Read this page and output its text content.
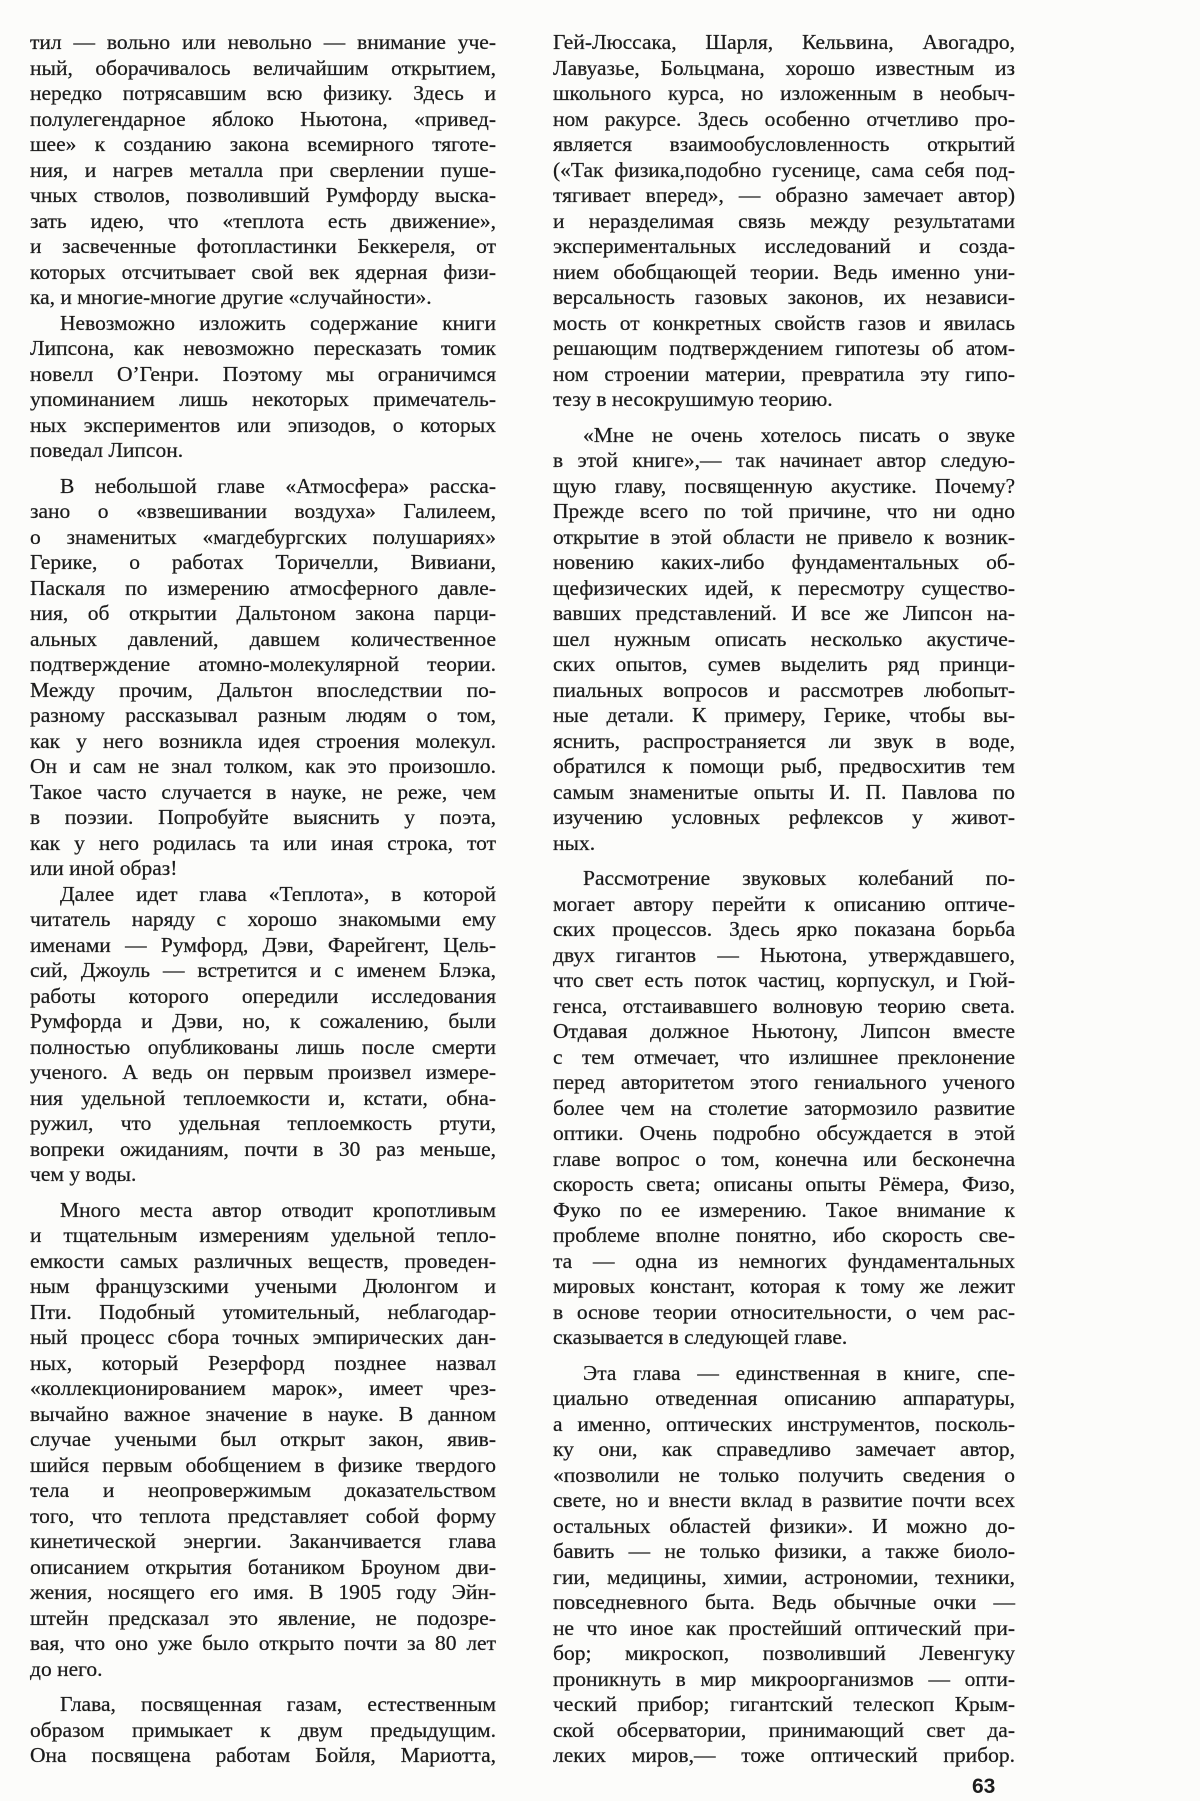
тил — вольно или невольно — внимание уче-
ный, оборачивалось величайшим открытием,
нередко потрясавшим всю физику. Здесь и
полулегендарное яблоко Ньютона, «привед-
шее» к созданию закона всемирного тяготе-
ния, и нагрев металла при сверлении пуше-
чных стволов, позволивший Румфорду выска-
зать идею, что «теплота есть движение»,
и засвеченные фотопластинки Беккереля, от
которых отсчитывает свой век ядерная физи-
ка, и многие-многие другие «случайности».

Невозможно изложить содержание книги
Липсона, как невозможно пересказать томик
новелл О’Генри. Поэтому мы ограничимся
упоминанием лишь некоторых примечатель-
ных экспериментов или эпизодов, о которых
поведал Липсон.

В небольшой главе «Атмосфера» расска-
зано о «взвешивании воздуха» Галилеем,
о знаменитых «магдебургских полушариях»
Герике, о работах Торичелли, Вивиани,
Паскаля по измерению атмосферного давле-
ния, об открытии Дальтоном закона парци-
альных давлений, давшем количественное
подтверждение атомно-молекулярной теории.
Между прочим, Дальтон впоследствии по-
разному рассказывал разным людям о том,
как у него возникла идея строения молекул.
Он и сам не знал толком, как это произошло.
Такое часто случается в науке, не реже, чем
в поэзии. Попробуйте выяснить у поэта,
как у него родилась та или иная строка, тот
или иной образ!

Далее идет глава «Теплота», в которой
читатель наряду с хорошо знакомыми ему
именами — Румфорд, Дэви, Фарейгент, Цель-
сий, Джоуль — встретится и с именем Блэка,
работы которого опередили исследования
Румфорда и Дэви, но, к сожалению, были
полностью опубликованы лишь после смерти
ученого. А ведь он первым произвел измере-
ния удельной теплоемкости и, кстати, обна-
ружил, что удельная теплоемкость ртути,
вопреки ожиданиям, почти в 30 раз меньше,
чем у воды.

Много места автор отводит кропотливым
и тщательным измерениям удельной тепло-
емкости самых различных веществ, проведен-
ным французскими учеными Дюлонгом и
Пти. Подобный утомительный, неблагодар-
ный процесс сбора точных эмпирических дан-
ных, который Резерфорд позднее назвал
«коллекционированием марок», имеет чрез-
вычайно важное значение в науке. В данном
случае учеными был открыт закон, явив-
шийся первым обобщением в физике твердого
тела и неопровержимым доказательством
того, что теплота представляет собой форму
кинетической энергии. Заканчивается глава
описанием открытия ботаником Броуном дви-
жения, носящего его имя. В 1905 году Эйн-
штейн предсказал это явление, не подозре-
вая, что оно уже было открыто почти за 80 лет
до него.

Глава, посвященная газам, естественным
образом примыкает к двум предыдущим.
Она посвящена работам Бойля, Мариотта,

Гей-Люссака, Шарля, Кельвина, Авогадро,
Лавуазье, Больцмана, хорошо известным из
школьного курса, но изложенным в необыч-
ном ракурсе. Здесь особенно отчетливо про-
является взаимообусловленность открытий
(«Так физика,подобно гусенице, сама себя под-
тягивает вперед», — образно замечает автор)
и неразделимая связь между результатами
экспериментальных исследований и созда-
нием обобщающей теории. Ведь именно уни-
версальность газовых законов, их независи-
мость от конкретных свойств газов и явилась
решающим подтверждением гипотезы об атом-
ном строении материи, превратила эту гипо-
тезу в несокрушимую теорию.

«Мне не очень хотелось писать о звуке
в этой книге»,— так начинает автор следую-
щую главу, посвященную акустике. Почему?
Прежде всего по той причине, что ни одно
открытие в этой области не привело к возник-
новению каких-либо фундаментальных об-
щефизических идей, к пересмотру существо-
вавших представлений. И все же Липсон на-
шел нужным описать несколько акустиче-
ских опытов, сумев выделить ряд принци-
пиальных вопросов и рассмотрев любопыт-
ные детали. К примеру, Герике, чтобы вы-
яснить, распространяется ли звук в воде,
обратился к помощи рыб, предвосхитив тем
самым знаменитые опыты И. П. Павлова по
изучению условных рефлексов у живот-
ных.

Рассмотрение звуковых колебаний по-
могает автору перейти к описанию оптиче-
ских процессов. Здесь ярко показана борьба
двух гигантов — Ньютона, утверждавшего,
что свет есть поток частиц, корпускул, и Гюй-
генса, отстаивавшего волновую теорию света.
Отдавая должное Ньютону, Липсон вместе
с тем отмечает, что излишнее преклонение
перед авторитетом этого гениального ученого
более чем на столетие затормозило развитие
оптики. Очень подробно обсуждается в этой
главе вопрос о том, конечна или бесконечна
скорость света; описаны опыты Рёмера, Физо,
Фуко по ее измерению. Такое внимание к
проблеме вполне понятно, ибо скорость све-
та — одна из немногих фундаментальных
мировых констант, которая к тому же лежит
в основе теории относительности, о чем рас-
сказывается в следующей главе.

Эта глава — единственная в книге, спе-
циально отведенная описанию аппаратуры,
а именно, оптических инструментов, посколь-
ку они, как справедливо замечает автор,
«позволили не только получить сведения о
свете, но и внести вклад в развитие почти всех
остальных областей физики». И можно до-
бавить — не только физики, а также биоло-
гии, медицины, химии, астрономии, техники,
повседневного быта. Ведь обычные очки —
не что иное как простейший оптический при-
бор; микроскоп, позволивший Левенгуку
проникнуть в мир микроорганизмов — опти-
ческий прибор; гигантский телескоп Крым-
ской обсерватории, принимающий свет да-
леких миров,— тоже оптический прибор.

63
